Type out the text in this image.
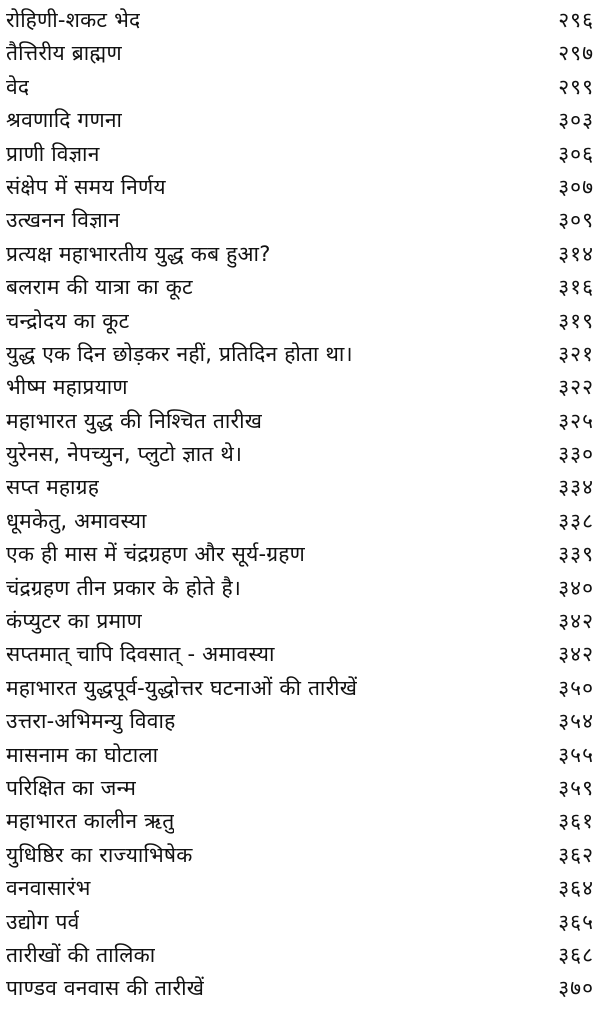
रोहिणी-शकट भेद	२९६
तैत्तिरीय ब्राह्मण	२९७
वेद	२९९
श्रवणादि गणना	३०३
प्राणी विज्ञान	३०६
संक्षेप में समय निर्णय	३०७
उत्खनन विज्ञान	३०९
प्रत्यक्ष महाभारतीय युद्ध कब हुआ?	३१४
बलराम की यात्रा का कूट	३१६
चन्द्रोदय का कूट	३१९
युद्ध एक दिन छोड़कर नहीं, प्रतिदिन होता था।	३२१
भीष्म महाप्रयाण	३२२
महाभारत युद्ध की निश्चित तारीख	३२५
युरेनस, नेपच्युन, प्लुटो ज्ञात थे।	३३०
सप्त महाग्रह	३३४
धूमकेतु, अमावस्या	३३८
एक ही मास में चंद्रग्रहण और सूर्य-ग्रहण	३३९
चंद्रग्रहण तीन प्रकार के होते है।	३४०
कंप्युटर का प्रमाण	३४२
सप्तमात् चापि दिवसात् - अमावस्या	३४२
महाभारत युद्धपूर्व-युद्धोत्तर घटनाओं की तारीखें	३५०
उत्तरा-अभिमन्यु विवाह	३५४
मासनाम का घोटाला	३५५
परिक्षित का जन्म	३५९
महाभारत कालीन ऋतु	३६१
युधिष्ठिर का राज्याभिषेक	३६२
वनवासारंभ	३६४
उद्योग पर्व	३६५
तारीखों की तालिका	३६८
पाण्डव वनवास की तारीखें	३७०
